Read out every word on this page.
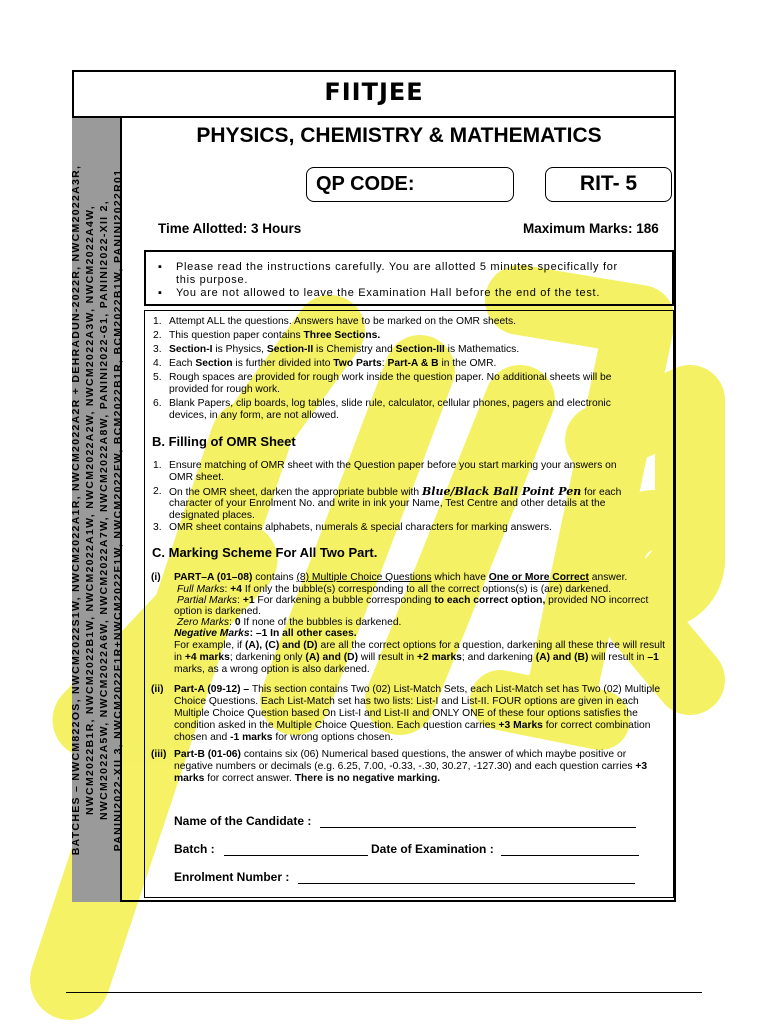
FIITJEE
BATCHES – NWCM822OS, NWCM2022S1W, NWCM2022A1R, NWCM2022A2R + DEHRADUN-2022R, NWCM2022A3R, NWCM2022B1R, NWCM2022B1W, NWCM2022A1W, NWCM2022A2W, NWCM2022A3W, NWCM2022A4W, NWCM2022A5W, NWCM2022A6W, NWCM2022A7W, NWCM2022A8W, PANINI2022-G1, PANINI2022-XII 2, PANINI2022-XII 3, NWCM2022F1R+NWCM2022F1W, NWCM2022FW, BCM2022B1R, BCM2022B1W, PANINI2022R01
PHYSICS, CHEMISTRY & MATHEMATICS
QP CODE:	RIT- 5
Time Allotted: 3 Hours	Maximum Marks: 186
▪ Please read the instructions carefully. You are allotted 5 minutes specifically for
this purpose.
▪ You are not allowed to leave the Examination Hall before the end of the test.
1. Attempt ALL the questions. Answers have to be marked on the OMR sheets.
2. This question paper contains Three Sections.
3. Section-I is Physics, Section-II is Chemistry and Section-III is Mathematics.
4. Each Section is further divided into Two Parts: Part-A & B in the OMR.
5. Rough spaces are provided for rough work inside the question paper. No additional sheets will be
provided for rough work.
6. Blank Papers, clip boards, log tables, slide rule, calculator, cellular phones, pagers and electronic
devices, in any form, are not allowed.
B. Filling of OMR Sheet
1. Ensure matching of OMR sheet with the Question paper before you start marking your answers on
OMR sheet.
2. On the OMR sheet, darken the appropriate bubble with Blue/Black Ball Point Pen for each
character of your Enrolment No. and write in ink your Name, Test Centre and other details at the
designated places.
3. OMR sheet contains alphabets, numerals & special characters for marking answers.
C. Marking Scheme For All Two Part.
(i) PART–A (01–08) contains (8) Multiple Choice Questions which have One or More Correct answer.
Full Marks: +4 If only the bubble(s) corresponding to all the correct options(s) is (are) darkened.
Partial Marks: +1 For darkening a bubble corresponding to each correct option, provided NO incorrect
option is darkened.
Zero Marks: 0 If none of the bubbles is darkened.
Negative Marks: –1 In all other cases.
For example, if (A), (C) and (D) are all the correct options for a question, darkening all these three will result
in +4 marks; darkening only (A) and (D) will result in +2 marks; and darkening (A) and (B) will result in –1
marks, as a wrong option is also darkened.
(ii) Part-A (09-12) – This section contains Two (02) List-Match Sets, each List-Match set has Two (02) Multiple
Choice Questions. Each List-Match set has two lists: List-I and List-II. FOUR options are given in each
Multiple Choice Question based On List-I and List-II and ONLY ONE of these four options satisfies the
condition asked in the Multiple Choice Question. Each question carries +3 Marks for correct combination
chosen and -1 marks for wrong options chosen.
(iii) Part-B (01-06) contains six (06) Numerical based questions, the answer of which maybe positive or
negative numbers or decimals (e.g. 6.25, 7.00, -0.33, -.30, 30.27, -127.30) and each question carries +3
marks for correct answer. There is no negative marking.
Name of the Candidate :
Batch :	Date of Examination :
Enrolment Number :
